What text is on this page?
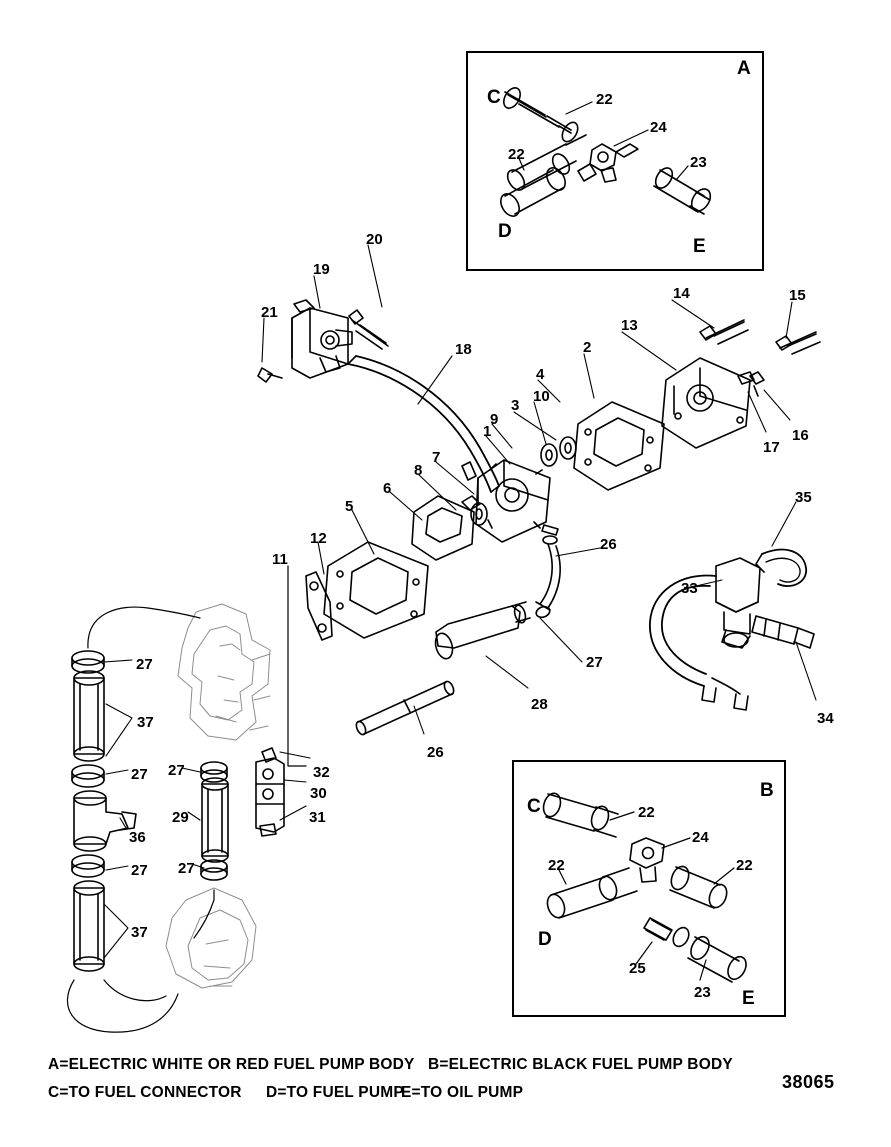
A
C
D
E
22
24
22	23
B
C
D
E
22
24
22	22
25
23
20
19
21
18
14	15
13
2
4
10
3
9
1
17
16
7
8
6
5
12
11
26
35
33
27
28
26
34
27
37
27 27	32
30
31
29
36
27 27
37
A=ELECTRIC WHITE OR RED FUEL PUMP BODY B=ELECTRIC BLACK FUEL PUMP BODY
C=TO FUEL CONNECTOR D=TO FUEL PUMP
E=TO OIL PUMP
38065
